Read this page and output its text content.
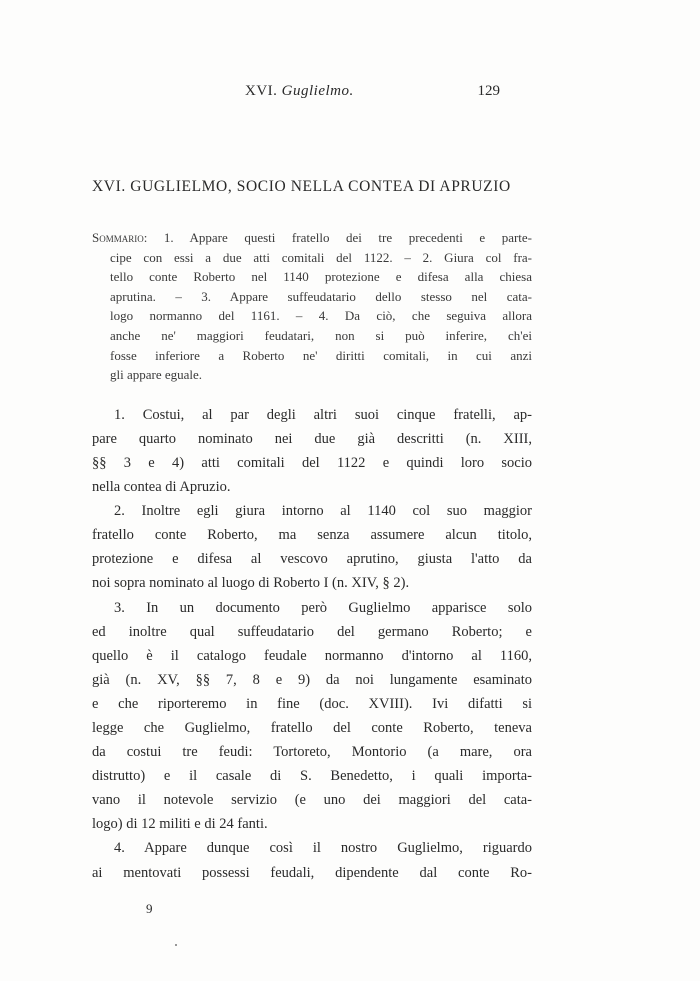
XVI. Guglielmo.	129
XVI. GUGLIELMO, SOCIO NELLA CONTEA DI APRUZIO
Sommario: 1. Appare questi fratello dei tre precedenti e parte-
cipe con essi a due atti comitali del 1122. – 2. Giura col fra-
tello conte Roberto nel 1140 protezione e difesa alla chiesa
aprutina. – 3. Appare suffeudatario dello stesso nel cata-
logo normanno del 1161. – 4. Da ciò, che seguiva allora
anche ne' maggiori feudatari, non si può inferire, ch'ei
fosse inferiore a Roberto ne' diritti comitali, in cui anzi
gli appare eguale.
1. Costui, al par degli altri suoi cinque fratelli, ap-
pare quarto nominato nei due già descritti (n. XIII,
§§ 3 e 4) atti comitali del 1122 e quindi loro socio
nella contea di Apruzio.
2. Inoltre egli giura intorno al 1140 col suo maggior
fratello conte Roberto, ma senza assumere alcun titolo,
protezione e difesa al vescovo aprutino, giusta l'atto da
noi sopra nominato al luogo di Roberto I (n. XIV, § 2).
3. In un documento però Guglielmo apparisce solo
ed inoltre qual suffeudatario del germano Roberto; e
quello è il catalogo feudale normanno d'intorno al 1160,
già (n. XV, §§ 7, 8 e 9) da noi lungamente esaminato
e che riporteremo in fine (doc. XVIII). Ivi difatti si
legge che Guglielmo, fratello del conte Roberto, teneva
da costui tre feudi: Tortoreto, Montorio (a mare, ora
distrutto) e il casale di S. Benedetto, i quali importa-
vano il notevole servizio (e uno dei maggiori del cata-
logo) di 12 militi e di 24 fanti.
4. Appare dunque così il nostro Guglielmo, riguardo
ai mentovati possessi feudali, dipendente dal conte Ro-
9
